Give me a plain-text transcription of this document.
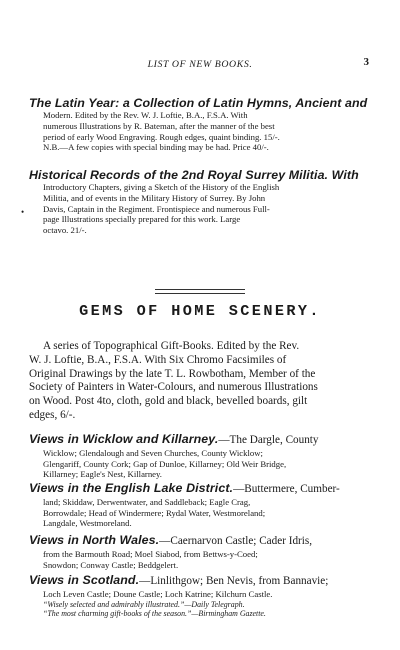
LIST OF NEW BOOKS.	3
The Latin Year: a Collection of Latin Hymns, Ancient and
Modern. Edited by the Rev. W. J. Loftie, B.A., F.S.A. With
numerous Illustrations by R. Bateman, after the manner of the best
period of early Wood Engraving. Rough edges, quaint binding. 15/-.
N.B.—A few copies with special binding may be had. Price 40/-.
•
Historical Records of the 2nd Royal Surrey Militia. With
Introductory Chapters, giving a Sketch of the History of the English
Militia, and of events in the Military History of Surrey. By John
Davis, Captain in the Regiment. Frontispiece and numerous Full-
page Illustrations specially prepared for this work. Large
octavo. 21/-.
GEMS OF HOME SCENERY.
A series of Topographical Gift-Books. Edited by the Rev.
W. J. Loftie, B.A., F.S.A. With Six Chromo Facsimiles of
Original Drawings by the late T. L. Rowbotham, Member of the
Society of Painters in Water-Colours, and numerous Illustrations
on Wood. Post 4to, cloth, gold and black, bevelled boards, gilt
edges, 6/-.
Views in Wicklow and Killarney.—The Dargle, County
Wicklow; Glendalough and Seven Churches, County Wicklow;
Glengariff, County Cork; Gap of Dunloe, Killarney; Old Weir Bridge,
Killarney; Eagle's Nest, Killarney.
Views in the English Lake District.—Buttermere, Cumber-
land; Skiddaw, Derwentwater, and Saddleback; Eagle Crag,
Borrowdale; Head of Windermere; Rydal Water, Westmoreland;
Langdale, Westmoreland.
Views in North Wales.—Caernarvon Castle; Cader Idris,
from the Barmouth Road; Moel Siabod, from Bettws-y-Coed;
Snowdon; Conway Castle; Beddgelert.
Views in Scotland.—Linlithgow; Ben Nevis, from Bannavie;
Loch Leven Castle; Doune Castle; Loch Katrine; Kilchurn Castle.
“Wisely selected and admirably illustrated.”—Daily Telegraph.
“The most charming gift-books of the season.”—Birmingham Gazette.
